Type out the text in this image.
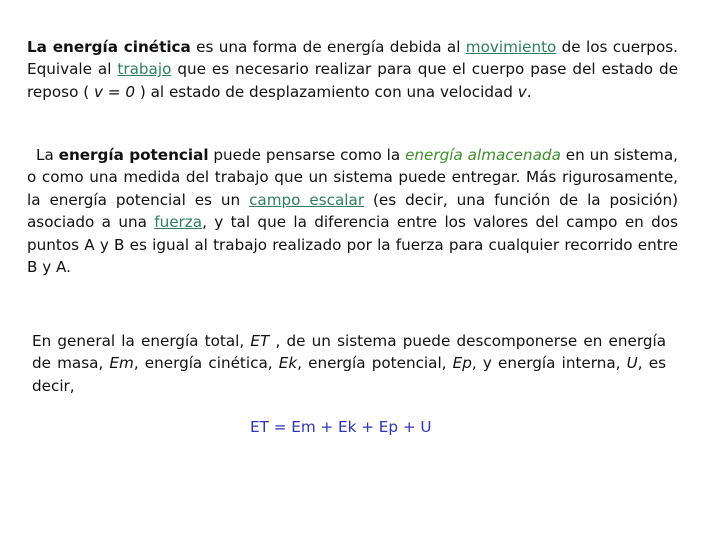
La energía cinética es una forma de energía debida al movimiento de los cuerpos. Equivale al trabajo que es necesario realizar para que el cuerpo pase del estado de reposo ( v = 0 ) al estado de desplazamiento con una velocidad v.

La energía potencial puede pensarse como la energía almacenada en un sistema, o como una medida del trabajo que un sistema puede entregar. Más rigurosamente, la energía potencial es un campo escalar (es decir, una función de la posición) asociado a una fuerza, y tal que la diferencia entre los valores del campo en dos puntos A y B es igual al trabajo realizado por la fuerza para cualquier recorrido entre B y A.

En general la energía total, ET , de un sistema puede descomponerse en energía de masa, Em, energía cinética, Ek, energía potencial, Ep, y energía interna, U, es decir,

ET = Em + Ek + Ep + U
